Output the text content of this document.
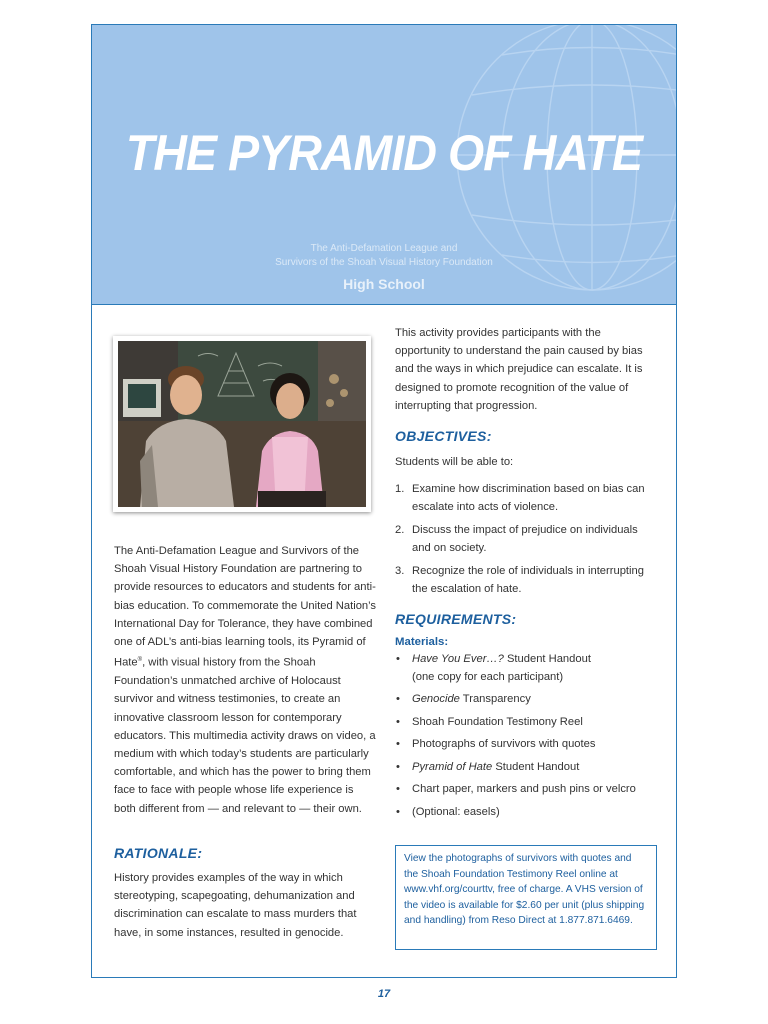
THE PYRAMID OF HATE
The Anti-Defamation League and
Survivors of the Shoah Visual History Foundation
High School

The Anti-Defamation League and Survivors of the Shoah Visual History Foundation are partnering to provide resources to educators and students for anti-bias education. To commemorate the United Nation’s International Day for Tolerance, they have combined one of ADL’s anti-bias learning tools, its Pyramid of Hate®, with visual history from the Shoah Foundation’s unmatched archive of Holocaust survivor and witness testimonies, to create an innovative classroom lesson for contemporary educators. This multimedia activity draws on video, a medium with which today’s students are particularly comfortable, and which has the power to bring them face to face with people whose life experience is both different from — and relevant to — their own.

RATIONALE:

History provides examples of the way in which stereotyping, scapegoating, dehumanization and discrimination can escalate to mass murders that have, in some instances, resulted in genocide.

This activity provides participants with the opportunity to understand the pain caused by bias and the ways in which prejudice can escalate. It is designed to promote recognition of the value of interrupting that progression.

OBJECTIVES:

Students will be able to:

1. Examine how discrimination based on bias can escalate into acts of violence.
2. Discuss the impact of prejudice on individuals and on society.
3. Recognize the role of individuals in interrupting the escalation of hate.
REQUIREMENTS:

Materials:

• Have You Ever…? Student Handout
(one copy for each participant)
• Genocide Transparency
• Shoah Foundation Testimony Reel
• Photographs of survivors with quotes
• Pyramid of Hate Student Handout
• Chart paper, markers and push pins or velcro
• (Optional: easels)
View the photographs of survivors with quotes and the Shoah Foundation Testimony Reel online at www.vhf.org/courttv, free of charge. A VHS version of the video is available for $2.60 per unit (plus shipping and handling) from Reso Direct at 1.877.871.6469.
17
